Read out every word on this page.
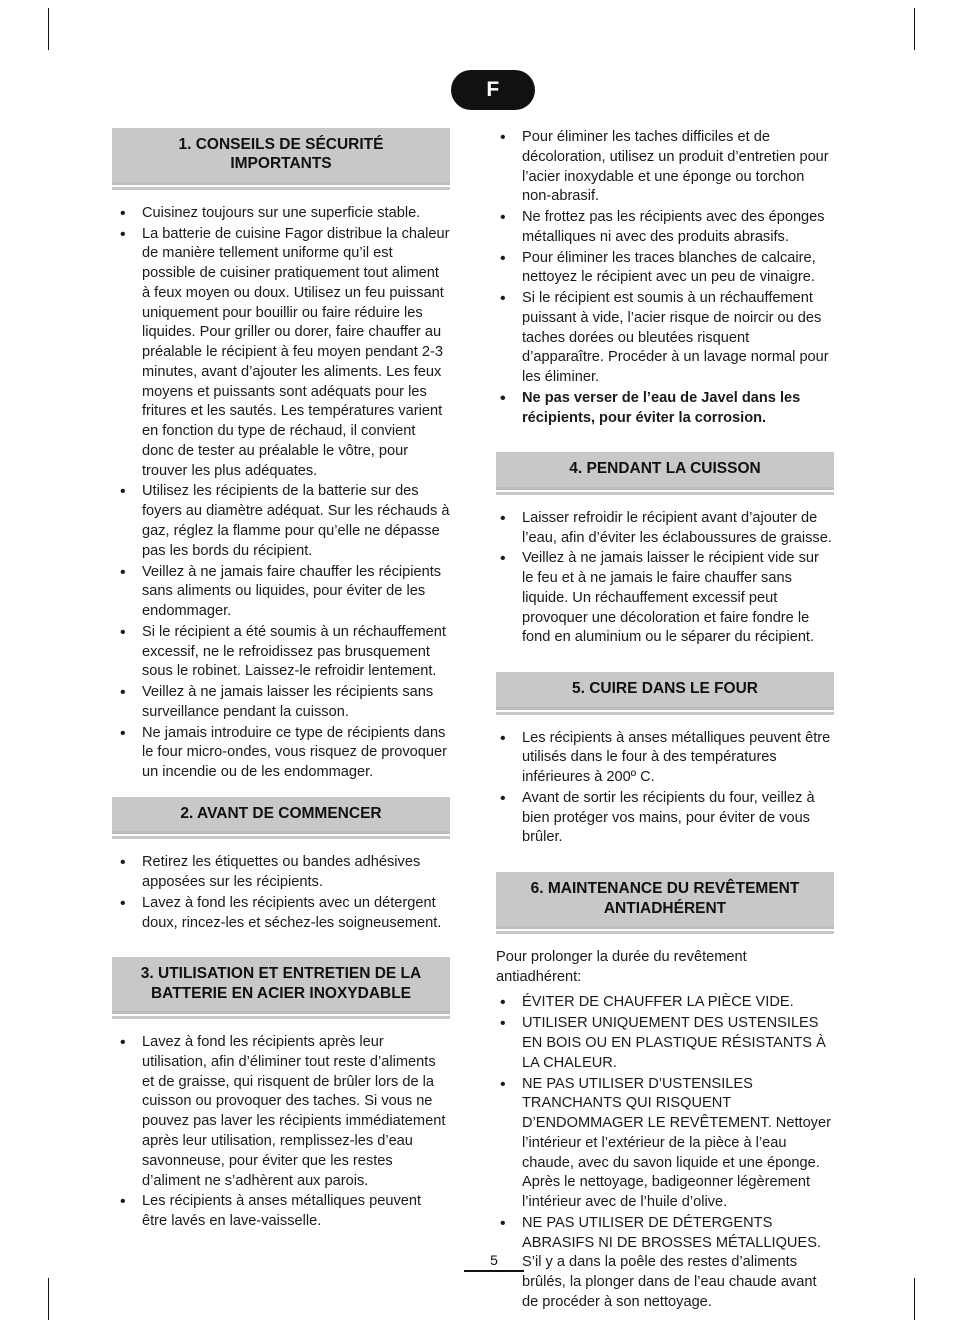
F
1. CONSEILS DE SÉCURITÉ
IMPORTANTS
• Cuisinez toujours sur une superficie stable.
• La batterie de cuisine Fagor distribue la chaleur de manière tellement uniforme qu’il est possible de cuisiner pratiquement tout aliment à feux moyen ou doux. Utilisez un feu puissant uniquement pour bouillir ou faire réduire les liquides. Pour griller ou dorer, faire chauffer au préalable le récipient à feu moyen pendant 2-3 minutes, avant d’ajouter les aliments. Les feux moyens et puissants sont adéquats pour les fritures et les sautés. Les températures varient en fonction du type de réchaud, il convient donc de tester au préalable le vôtre, pour trouver les plus adéquates.
• Utilisez les récipients de la batterie sur des foyers au diamètre adéquat. Sur les réchauds à gaz, réglez la flamme pour qu’elle ne dépasse pas les bords du récipient.
• Veillez à ne jamais faire chauffer les récipients sans aliments ou liquides, pour éviter de les endommager.
• Si le récipient a été soumis à un réchauffement excessif, ne le refroidissez pas brusquement sous le robinet. Laissez-le refroidir lentement.
• Veillez à ne jamais laisser les récipients sans surveillance pendant la cuisson.
• Ne jamais introduire ce type de récipients dans le four micro-ondes, vous risquez de provoquer un incendie ou de les endommager.
2. AVANT DE COMMENCER
• Retirez les étiquettes ou bandes adhésives apposées sur les récipients.
• Lavez à fond les récipients avec un détergent doux, rincez-les et séchez-les soigneusement.
3. UTILISATION ET ENTRETIEN DE LA
BATTERIE EN ACIER INOXYDABLE
• Lavez à fond les récipients après leur utilisation, afin d’éliminer tout reste d’aliments et de graisse, qui risquent de brûler lors de la cuisson ou provoquer des taches. Si vous ne pouvez pas laver les récipients immédiatement après leur utilisation, remplissez-les d’eau savonneuse, pour éviter que les restes d’aliment ne s’adhèrent aux parois.
• Les récipients à anses métalliques peuvent être lavés en lave-vaisselle.
• Pour éliminer les taches difficiles et de décoloration, utilisez un produit d’entretien pour l’acier inoxydable et une éponge ou torchon non-abrasif.
• Ne frottez pas les récipients avec des éponges métalliques ni avec des produits abrasifs.
• Pour éliminer les traces blanches de calcaire, nettoyez le récipient avec un peu de vinaigre.
• Si le récipient est soumis à un réchauffement puissant à vide, l’acier risque de noircir ou des taches dorées ou bleutées risquent d’apparaître. Procéder à un lavage normal pour les éliminer.
• Ne pas verser de l’eau de Javel dans les récipients, pour éviter la corrosion.
4. PENDANT LA CUISSON
• Laisser refroidir le récipient avant d’ajouter de l’eau, afin d’éviter les éclaboussures de graisse.
• Veillez à ne jamais laisser le récipient vide sur le feu et à ne jamais le faire chauffer sans liquide. Un réchauffement excessif peut provoquer une décoloration et faire fondre le fond en aluminium ou le séparer du récipient.
5. CUIRE DANS LE FOUR
• Les récipients à anses métalliques peuvent être utilisés dans le four à des températures inférieures à 200º C.
• Avant de sortir les récipients du four, veillez à bien protéger vos mains, pour éviter de vous brûler.
6. MAINTENANCE DU REVÊTEMENT
ANTIADHÉRENT

Pour prolonger la durée du revêtement antiadhérent:

• ÉVITER DE CHAUFFER LA PIÈCE VIDE.
• UTILISER UNIQUEMENT DES USTENSILES EN BOIS OU EN PLASTIQUE RÉSISTANTS À LA CHALEUR.
• NE PAS UTILISER D’USTENSILES TRANCHANTS QUI RISQUENT D’ENDOMMAGER LE REVÊTEMENT. Nettoyer l’intérieur et l’extérieur de la pièce à l’eau chaude, avec du savon liquide et une éponge. Après le nettoyage, badigeonner légèrement l’intérieur avec de l’huile d’olive.
• NE PAS UTILISER DE DÉTERGENTS ABRASIFS NI DE BROSSES MÉTALLIQUES. S’il y a dans la poêle des restes d’aliments brûlés, la plonger dans de l’eau chaude avant de procéder à son nettoyage.
5
